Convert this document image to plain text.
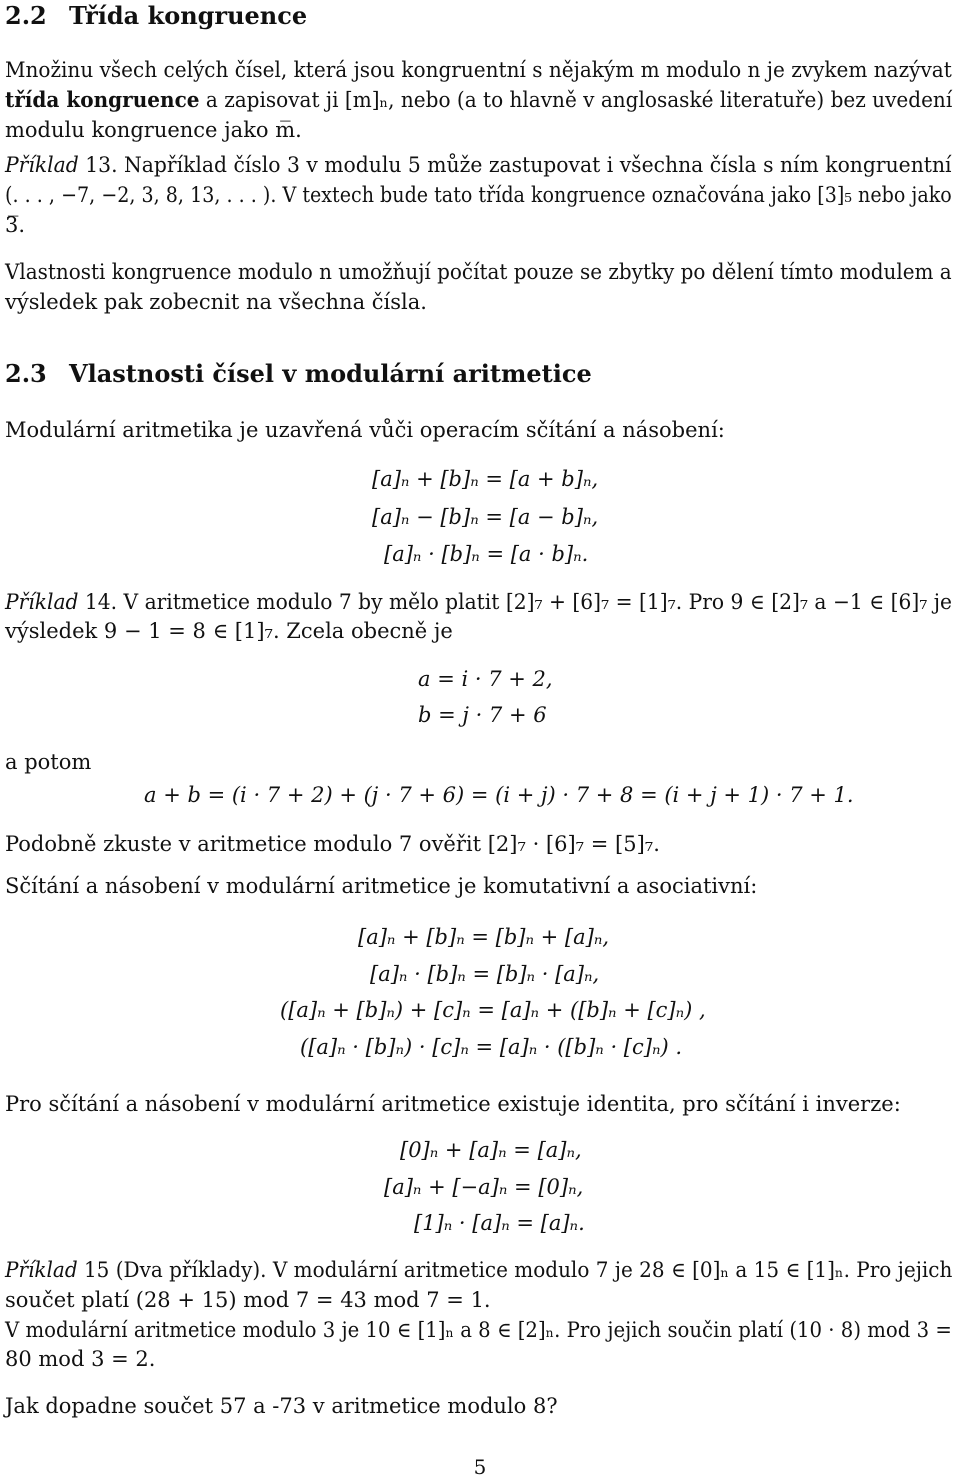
2.2 Třída kongruence
Množinu všech celých čísel, která jsou kongruentní s nějakým m modulo n je zvykem nazývat
třída kongruence a zapisovat ji [m]ₙ, nebo (a to hlavně v anglosaské literatuře) bez uvedení
modulu kongruence jako m̅.
Příklad 13. Například číslo 3 v modulu 5 může zastupovat i všechna čísla s ním kongruentní
(. . . , −7, −2, 3, 8, 13, . . . ). V textech bude tato třída kongruence označována jako [3]₅ nebo jako
3̅.
Vlastnosti kongruence modulo n umožňují počítat pouze se zbytky po dělení tímto modulem a
výsledek pak zobecnit na všechna čísla.
2.3 Vlastnosti čísel v modulární aritmetice
Modulární aritmetika je uzavřená vůči operacím sčítání a násobení:
[a]ₙ + [b]ₙ = [a + b]ₙ,
[a]ₙ − [b]ₙ = [a − b]ₙ,
[a]ₙ · [b]ₙ = [a · b]ₙ.
Příklad 14. V aritmetice modulo 7 by mělo platit [2]₇ + [6]₇ = [1]₇. Pro 9 ∈ [2]₇ a −1 ∈ [6]₇ je
výsledek 9 − 1 = 8 ∈ [1]₇. Zcela obecně je
a = i · 7 + 2,
b = j · 7 + 6
a potom
a + b = (i · 7 + 2) + (j · 7 + 6) = (i + j) · 7 + 8 = (i + j + 1) · 7 + 1.
Podobně zkuste v aritmetice modulo 7 ověřit [2]₇ · [6]₇ = [5]₇.
Sčítání a násobení v modulární aritmetice je komutativní a asociativní:
[a]ₙ + [b]ₙ = [b]ₙ + [a]ₙ,
[a]ₙ · [b]ₙ = [b]ₙ · [a]ₙ,
([a]ₙ + [b]ₙ) + [c]ₙ = [a]ₙ + ([b]ₙ + [c]ₙ) ,
([a]ₙ · [b]ₙ) · [c]ₙ = [a]ₙ · ([b]ₙ · [c]ₙ) .
Pro sčítání a násobení v modulární aritmetice existuje identita, pro sčítání i inverze:
[0]ₙ + [a]ₙ = [a]ₙ,
[a]ₙ + [−a]ₙ = [0]ₙ,
[1]ₙ · [a]ₙ = [a]ₙ.
Příklad 15 (Dva příklady). V modulární aritmetice modulo 7 je 28 ∈ [0]ₙ a 15 ∈ [1]ₙ. Pro jejich
součet platí (28 + 15) mod 7 = 43 mod 7 = 1.
V modulární aritmetice modulo 3 je 10 ∈ [1]ₙ a 8 ∈ [2]ₙ. Pro jejich součin platí (10 · 8) mod 3 =
80 mod 3 = 2.
Jak dopadne součet 57 a -73 v aritmetice modulo 8?
5
